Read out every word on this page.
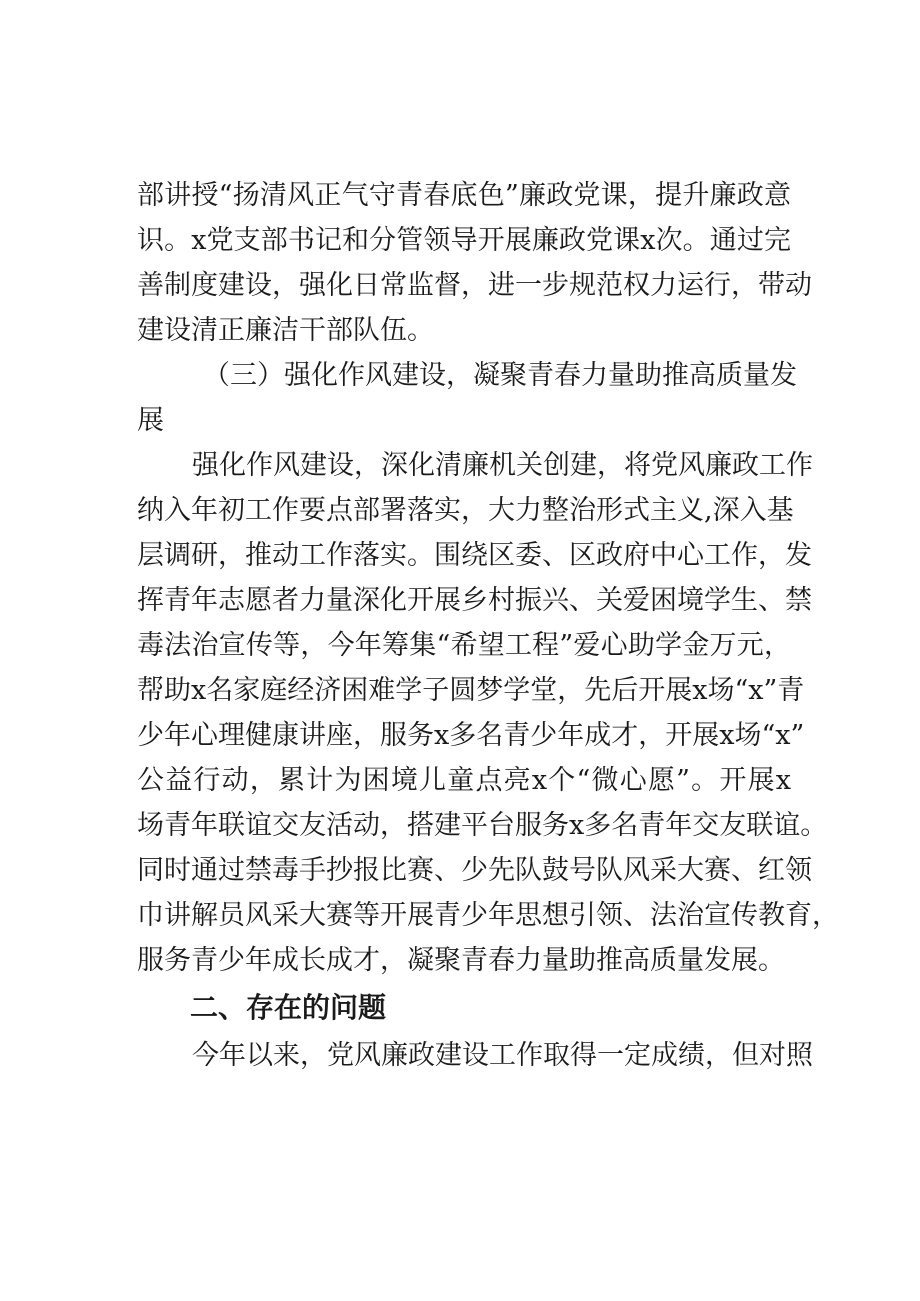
部讲授“扬清风正气守青春底色”廉政党课，提升廉政意
识。x党支部书记和分管领导开展廉政党课x次。通过完
善制度建设，强化日常监督，进一步规范权力运行，带动
建设清正廉洁干部队伍。
（三）强化作风建设，凝聚青春力量助推高质量发
展
强化作风建设，深化清廉机关创建，将党风廉政工作
纳入年初工作要点部署落实，大力整治形式主义,深入基
层调研，推动工作落实。围绕区委、区政府中心工作，发
挥青年志愿者力量深化开展乡村振兴、关爱困境学生、禁
毒法治宣传等，今年筹集“希望工程”爱心助学金万元，
帮助x名家庭经济困难学子圆梦学堂，先后开展x场“x”青
少年心理健康讲座，服务x多名青少年成才，开展x场“x”
公益行动，累计为困境儿童点亮x个“微心愿”。开展x
场青年联谊交友活动，搭建平台服务x多名青年交友联谊。
同时通过禁毒手抄报比赛、少先队鼓号队风采大赛、红领
巾讲解员风采大赛等开展青少年思想引领、法治宣传教育，
服务青少年成长成才，凝聚青春力量助推高质量发展。
二、存在的问题
今年以来，党风廉政建设工作取得一定成绩，但对照
